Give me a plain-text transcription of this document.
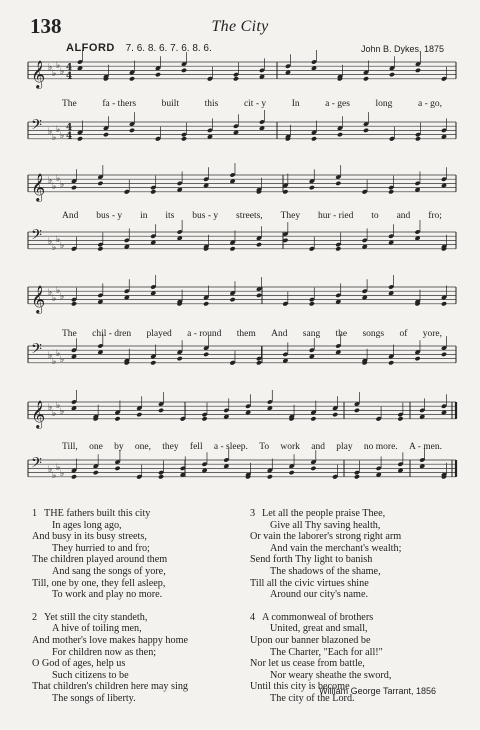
138	The City
ALFORD 7. 6. 8. 6. 7. 6. 8. 6.	John B. Dykes, 1875
𝄞 ♭
♭
♭
♭ 4
4
𝄢 ♭
♭
♭
♭
4
4
𝄞 ♭
♭
♭
♭
𝄢 ♭
♭
♭
♭
𝄞 ♭
♭
♭
♭
𝄢 ♭
♭
♭
♭
𝄞 ♭
♭
♭
♭
𝄢 ♭
♭
♭
♭
The	fa - thers	built	this	cit - y	In	a - ges	long	a - go,
And bus - y in its bus - y streets, They hur - ried to and fro;
The chil - dren played a - round them And sang the songs of yore,
Till, one by one, they fell a - sleep. To work and play no more. A - men.
1 THE fathers built this city
In ages long ago,
And busy in its busy streets,
They hurried to and fro;
The children played around them
And sang the songs of yore,
Till, one by one, they fell asleep,
To work and play no more.
2 Yet still the city standeth,
A hive of toiling men,
And mother's love makes happy home
For children now as then;
O God of ages, help us
Such citizens to be
That children's children here may sing
The songs of liberty.
3 Let all the people praise Thee,
Give all Thy saving health,
Or vain the laborer's strong right arm
And vain the merchant's wealth;
Send forth Thy light to banish
The shadows of the shame,
Till all the civic virtues shine
Around our city's name.
4 A commonweal of brothers
United, great and small,
Upon our banner blazoned be
The Charter, "Each for all!"
Nor let us cease from battle,
Nor weary sheathe the sword,
Until this city is become
The city of the Lord.
William George Tarrant, 1856
